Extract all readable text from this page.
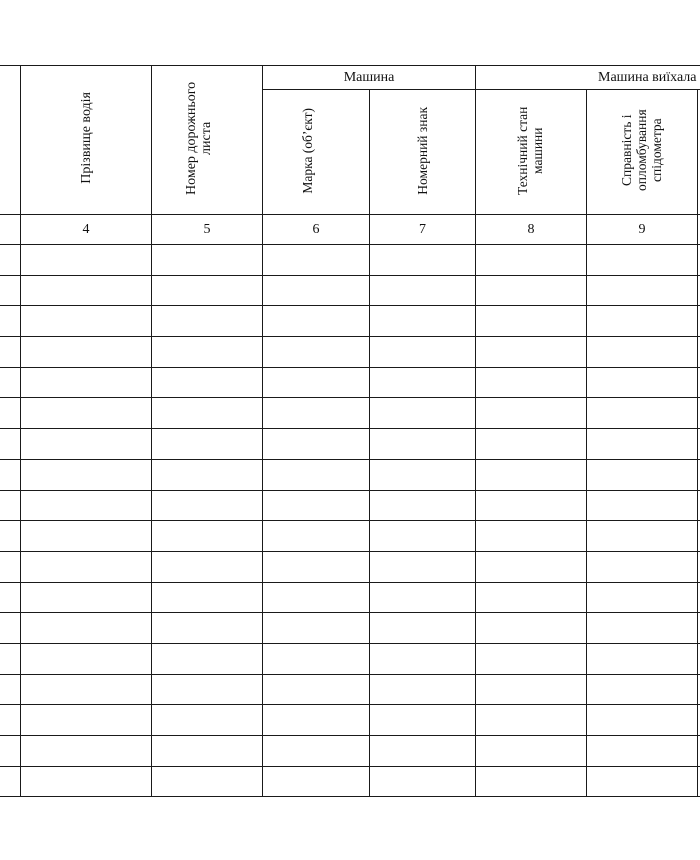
	Прізвище водія	Номер дорожнього листа	Машина		Машина виїхала		
			Марка (об’єкт)	Номерний знак	Технічний стан машини	Справність і опломбування спідометра	
	4	5	6	7	8	9	
